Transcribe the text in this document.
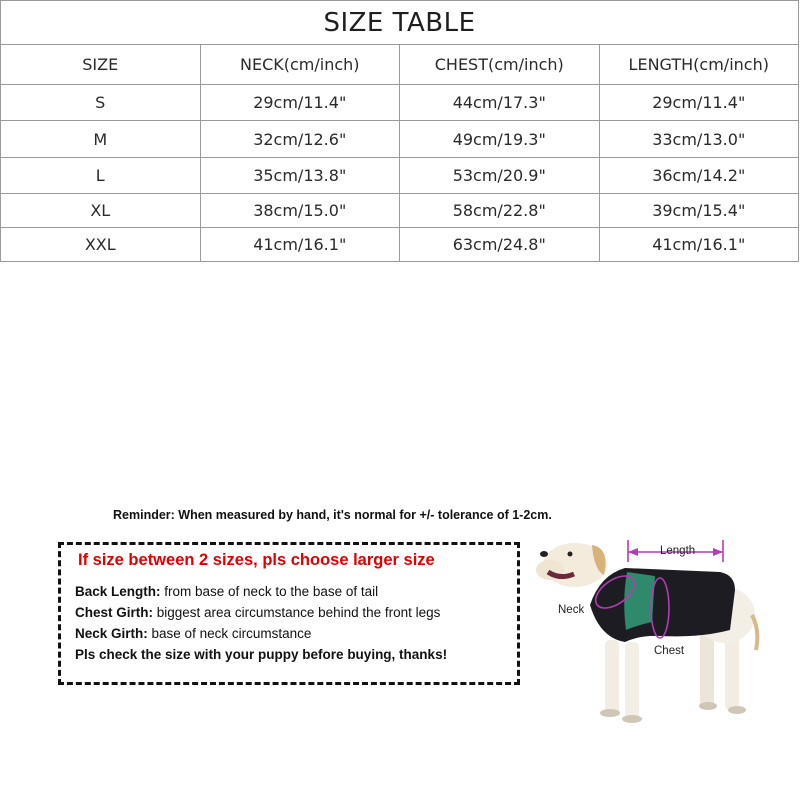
SIZE TABLE			
SIZE	NECK(cm/inch)	CHEST(cm/inch)	LENGTH(cm/inch)
S	29cm/11.4"	44cm/17.3"	29cm/11.4"
M	32cm/12.6"	49cm/19.3"	33cm/13.0"
L	35cm/13.8"	53cm/20.9"	36cm/14.2"
XL	38cm/15.0"	58cm/22.8"	39cm/15.4"
XXL	41cm/16.1"	63cm/24.8"	41cm/16.1"
Reminder: When measured by hand, it's normal for +/- tolerance of 1-2cm.
If size between 2 sizes, pls choose larger size
Back Length: from base of neck to the base of tail
Chest Girth: biggest area circumstance behind the front legs
Neck Girth: base of neck circumstance
Pls check the size with your puppy before buying, thanks!
Length
Neck
Chest
